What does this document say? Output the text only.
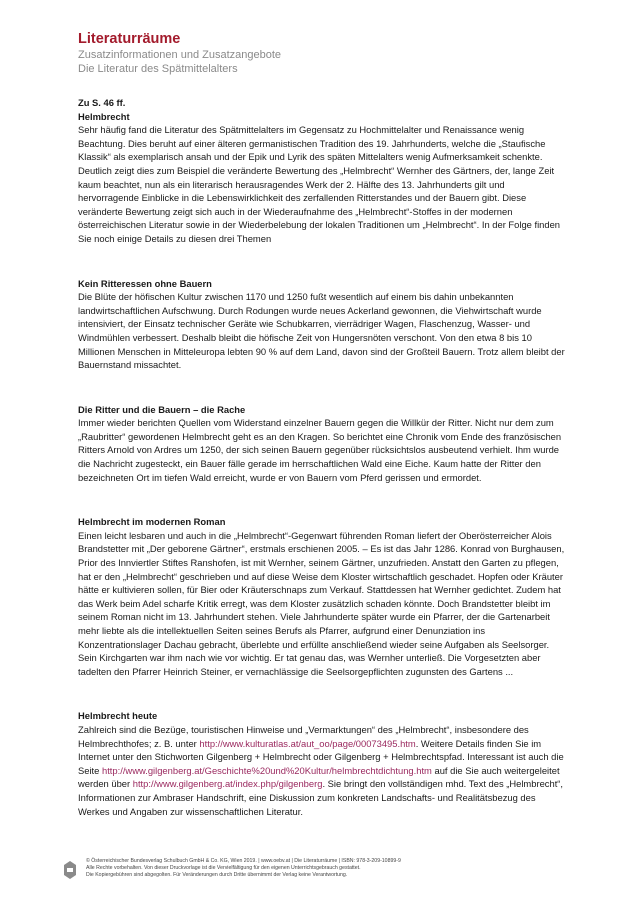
Literaturräume
Zusatzinformationen und Zusatzangebote
Die Literatur des Spätmittelalters

Zu S. 46 ff.

Helmbrecht

Sehr häufig fand die Literatur des Spätmittelalters im Gegensatz zu Hochmittelalter und Renaissance wenig Beachtung. Dies beruht auf einer älteren germanistischen Tradition des 19. Jahrhunderts, welche die „Staufische Klassik“ als exemplarisch ansah und der Epik und Lyrik des späten Mittelalters wenig Aufmerksamkeit schenkte. Deutlich zeigt dies zum Beispiel die veränderte Bewertung des „Helmbrecht“ Wernher des Gärtners, der, lange Zeit kaum beachtet, nun als ein literarisch herausragendes Werk der 2. Hälfte des 13. Jahrhunderts gilt und hervorragende Einblicke in die Lebenswirklichkeit des zerfallenden Ritterstandes und der Bauern gibt. Diese veränderte Bewertung zeigt sich auch in der Wiederaufnahme des „Helmbrecht“-Stoffes in der modernen österreichischen Literatur sowie in der Wiederbelebung der lokalen Traditionen um „Helmbrecht“. In der Folge finden Sie noch einige Details zu diesen drei Themen

Kein Ritteressen ohne Bauern

Die Blüte der höfischen Kultur zwischen 1170 und 1250 fußt wesentlich auf einem bis dahin unbekannten landwirtschaftlichen Aufschwung. Durch Rodungen wurde neues Ackerland gewonnen, die Viehwirtschaft wurde intensiviert, der Einsatz technischer Geräte wie Schubkarren, vierrädriger Wagen, Flaschenzug, Wasser- und Windmühlen verbessert. Deshalb bleibt die höfische Zeit von Hungersnöten verschont. Von den etwa 8 bis 10 Millionen Menschen in Mitteleuropa lebten 90 % auf dem Land, davon sind der Großteil Bauern. Trotz allem bleibt der Bauernstand missachtet.

Die Ritter und die Bauern – die Rache

Immer wieder berichten Quellen vom Widerstand einzelner Bauern gegen die Willkür der Ritter. Nicht nur dem zum „Raubritter“ gewordenen Helmbrecht geht es an den Kragen. So berichtet eine Chronik vom Ende des französischen Ritters Arnold von Ardres um 1250, der sich seinen Bauern gegenüber rücksichtslos ausbeutend verhielt. Ihm wurde die Nachricht zugesteckt, ein Bauer fälle gerade im herrschaftlichen Wald eine Eiche. Kaum hatte der Ritter den bezeichneten Ort im tiefen Wald erreicht, wurde er von Bauern vom Pferd gerissen und ermordet.

Helmbrecht im modernen Roman

Einen leicht lesbaren und auch in die „Helmbrecht“-Gegenwart führenden Roman liefert der Oberösterreicher Alois Brandstetter mit „Der geborene Gärtner“, erstmals erschienen 2005. – Es ist das Jahr 1286. Konrad von Burghausen, Prior des Innviertler Stiftes Ranshofen, ist mit Wernher, seinem Gärtner, unzufrieden. Anstatt den Garten zu pflegen, hat er den „Helmbrecht“ geschrieben und auf diese Weise dem Kloster wirtschaftlich geschadet. Hopfen oder Kräuter hätte er kultivieren sollen, für Bier oder Kräuterschnaps zum Verkauf. Stattdessen hat Wernher gedichtet. Zudem hat das Werk beim Adel scharfe Kritik erregt, was dem Kloster zusätzlich schaden könnte. Doch Brandstetter bleibt im seinem Roman nicht im 13. Jahrhundert stehen. Viele Jahrhunderte später wurde ein Pfarrer, der die Gartenarbeit mehr liebte als die intellektuellen Seiten seines Berufs als Pfarrer, aufgrund einer Denunziation ins Konzentrationslager Dachau gebracht, überlebte und erfüllte anschließend wieder seine Aufgaben als Seelsorger. Sein Kirchgarten war ihm nach wie vor wichtig. Er tat genau das, was Wernher unterließ. Die Vorgesetzten aber tadelten den Pfarrer Heinrich Steiner, er vernachlässige die Seelsorgepflichten zugunsten des Gartens ...

Helmbrecht heute

Zahlreich sind die Bezüge, touristischen Hinweise und „Vermarktungen“ des „Helmbrecht“, insbesondere des Helmbrechthofes; z. B. unter http://www.kulturatlas.at/aut_oo/page/00073495.htm. Weitere Details finden Sie im Internet unter den Stichworten Gilgenberg + Helmbrecht oder Gilgenberg + Helmbrechtspfad. Interessant ist auch die Seite http://www.gilgenberg.at/Geschichte%20und%20Kultur/helmbrechtdichtung.htm auf die Sie auch weitergeleitet werden über http://www.gilgenberg.at/index.php/gilgenberg. Sie bringt den vollständigen mhd. Text des „Helmbrecht“, Informationen zur Ambraser Handschrift, eine Diskussion zum konkreten Landschafts- und Realitätsbezug des Werkes und Angaben zur wissenschaftlichen Literatur.

© Österreichischer Bundesverlag Schulbuch GmbH & Co. KG, Wien 2019. | www.oebv.at | Die Literaturräume | ISBN: 978-3-209-10899-9

Alle Rechte vorbehalten. Von dieser Druckvorlage ist die Vervielfältigung für den eigenen Unterrichtsgebrauch gestattet.

Die Kopiergebühren sind abgegolten. Für Veränderungen durch Dritte übernimmt der Verlag keine Verantwortung.
